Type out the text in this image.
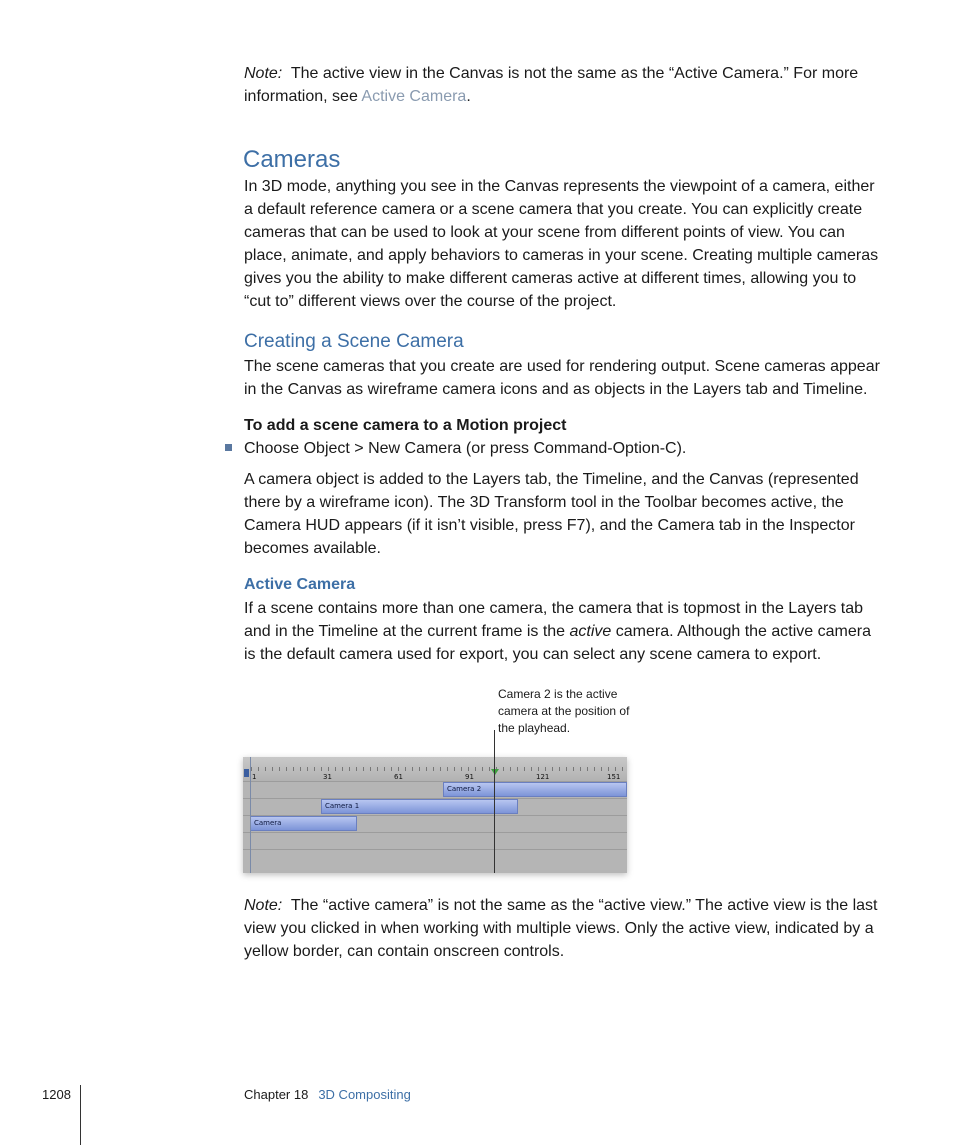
Note: The active view in the Canvas is not the same as the “Active Camera.” For more information, see Active Camera.

Cameras

In 3D mode, anything you see in the Canvas represents the viewpoint of a camera, either a default reference camera or a scene camera that you create. You can explicitly create cameras that can be used to look at your scene from different points of view. You can place, animate, and apply behaviors to cameras in your scene. Creating multiple cameras gives you the ability to make different cameras active at different times, allowing you to “cut to” different views over the course of the project.

Creating a Scene Camera

The scene cameras that you create are used for rendering output. Scene cameras appear in the Canvas as wireframe camera icons and as objects in the Layers tab and Timeline.

To add a scene camera to a Motion project

Choose Object > New Camera (or press Command-Option-C).

A camera object is added to the Layers tab, the Timeline, and the Canvas (represented there by a wireframe icon). The 3D Transform tool in the Toolbar becomes active, the Camera HUD appears (if it isn’t visible, press F7), and the Camera tab in the Inspector becomes available.

Active Camera

If a scene contains more than one camera, the camera that is topmost in the Layers tab and in the Timeline at the current frame is the active camera. Although the active camera is the default camera used for export, you can select any scene camera to export.

Camera 2 is the active camera at the position of the playhead.
1	31	61	91	121	151
Camera 2
Camera 1
Camera

Note: The “active camera” is not the same as the “active view.” The active view is the last view you clicked in when working with multiple views. Only the active view, indicated by a yellow border, can contain onscreen controls.

1208	Chapter 18 3D Compositing
